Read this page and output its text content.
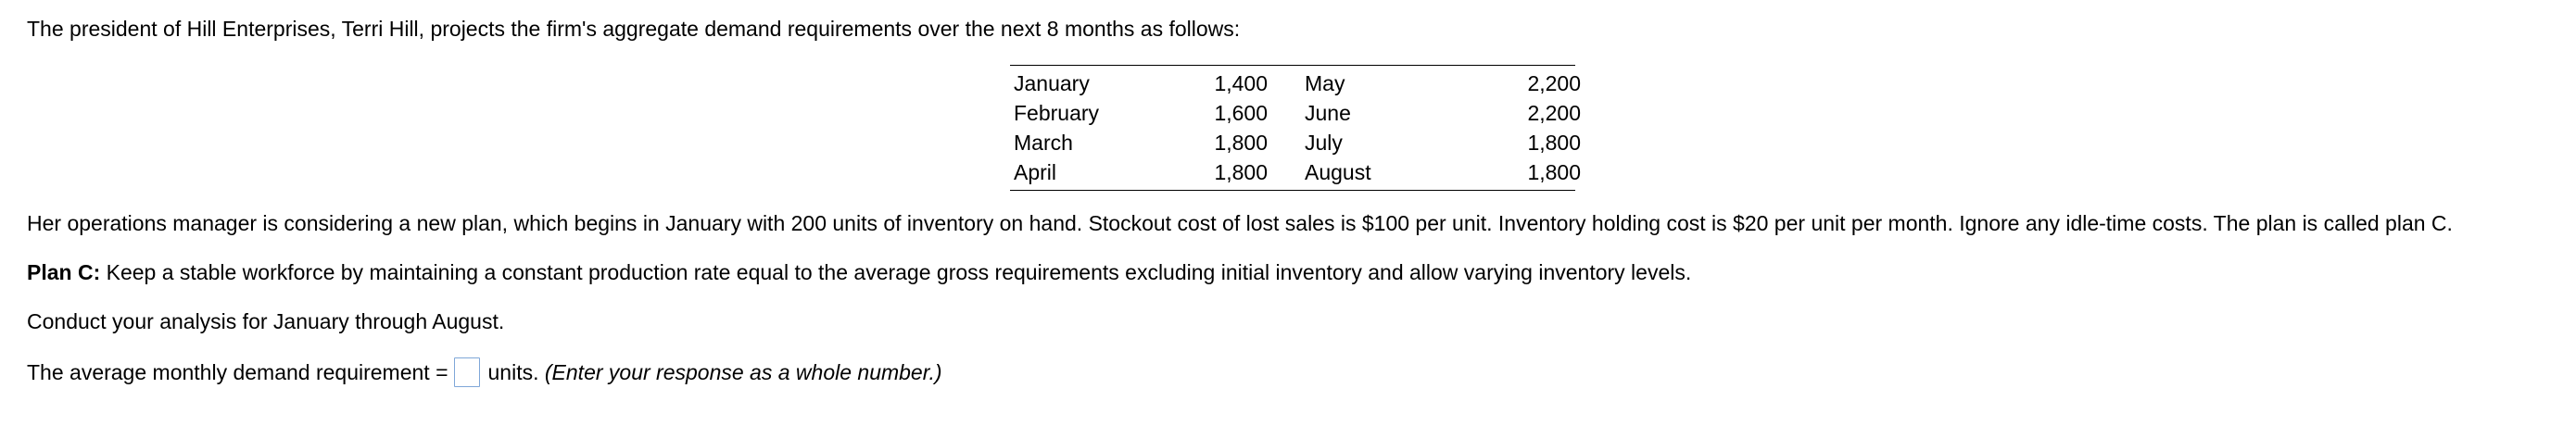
The president of Hill Enterprises, Terri Hill, projects the firm's aggregate demand requirements over the next 8 months as follows:
January	1,400 May	2,200
February	1,600 June	2,200
March	1,800 July	1,800
April	1,800 August	1,800
Her operations manager is considering a new plan, which begins in January with 200 units of inventory on hand. Stockout cost of lost sales is $100 per unit. Inventory holding cost is $20 per unit per month. Ignore any idle-time costs. The plan is called plan C.
Plan C: Keep a stable workforce by maintaining a constant production rate equal to the average gross requirements excluding initial inventory and allow varying inventory levels.
Conduct your analysis for January through August.
The average monthly demand requirement = units.
(Enter your response as a whole number.)
